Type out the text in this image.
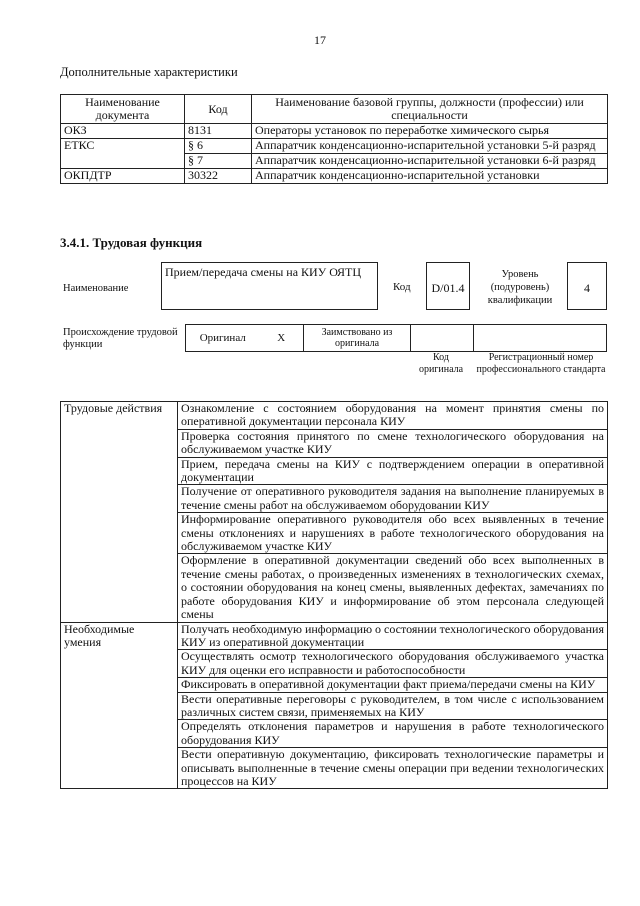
17
Дополнительные характеристики
Наименование документа	Код	Наименование базовой группы, должности (профессии) или специальности
ОКЗ	8131	Операторы установок по переработке химического сырья
ЕТКС	§ 6	Аппаратчик конденсационно-испарительной установки 5-й разряд
	§ 7	Аппаратчик конденсационно-испарительной установки 6-й разряд
ОКПДТР	30322	Аппаратчик конденсационно-испарительной установки
3.4.1. Трудовая функция
Наименование
Прием/передача смены на КИУ ОЯТЦ
Код	D/01.4
Уровень (подуровень) квалификации
4
Происхождение трудовой функции
Оригинал	X	Заимствовано из оригинала		
Код оригинала
Регистрационный номер профессионального стандарта
Трудовые действия	Ознакомление с состоянием оборудования на момент принятия смены по оперативной документации персонала КИУ
	Проверка состояния принятого по смене технологического оборудования на обслуживаемом участке КИУ
	Прием, передача смены на КИУ с подтверждением операции в оперативной документации
	Получение от оперативного руководителя задания на выполнение планируемых в течение смены работ на обслуживаемом оборудовании КИУ
	Информирование оперативного руководителя обо всех выявленных в течение смены отклонениях и нарушениях в работе технологического оборудования на обслуживаемом участке КИУ
	Оформление в оперативной документации сведений обо всех выполненных в течение смены работах, о произведенных изменениях в технологических схемах, о состоянии оборудования на конец смены, выявленных дефектах, замечаниях по работе оборудования КИУ и информирование об этом персонала следующей смены
Необходимые умения	Получать необходимую информацию о состоянии технологического оборудования КИУ из оперативной документации
	Осуществлять осмотр технологического оборудования обслуживаемого участка КИУ для оценки его исправности и работоспособности
	Фиксировать в оперативной документации факт приема/передачи смены на КИУ
	Вести оперативные переговоры с руководителем, в том числе с использованием различных систем связи, применяемых на КИУ
	Определять отклонения параметров и нарушения в работе технологического оборудования КИУ
	Вести оперативную документацию, фиксировать технологические параметры и описывать выполненные в течение смены операции при ведении технологических процессов на КИУ
